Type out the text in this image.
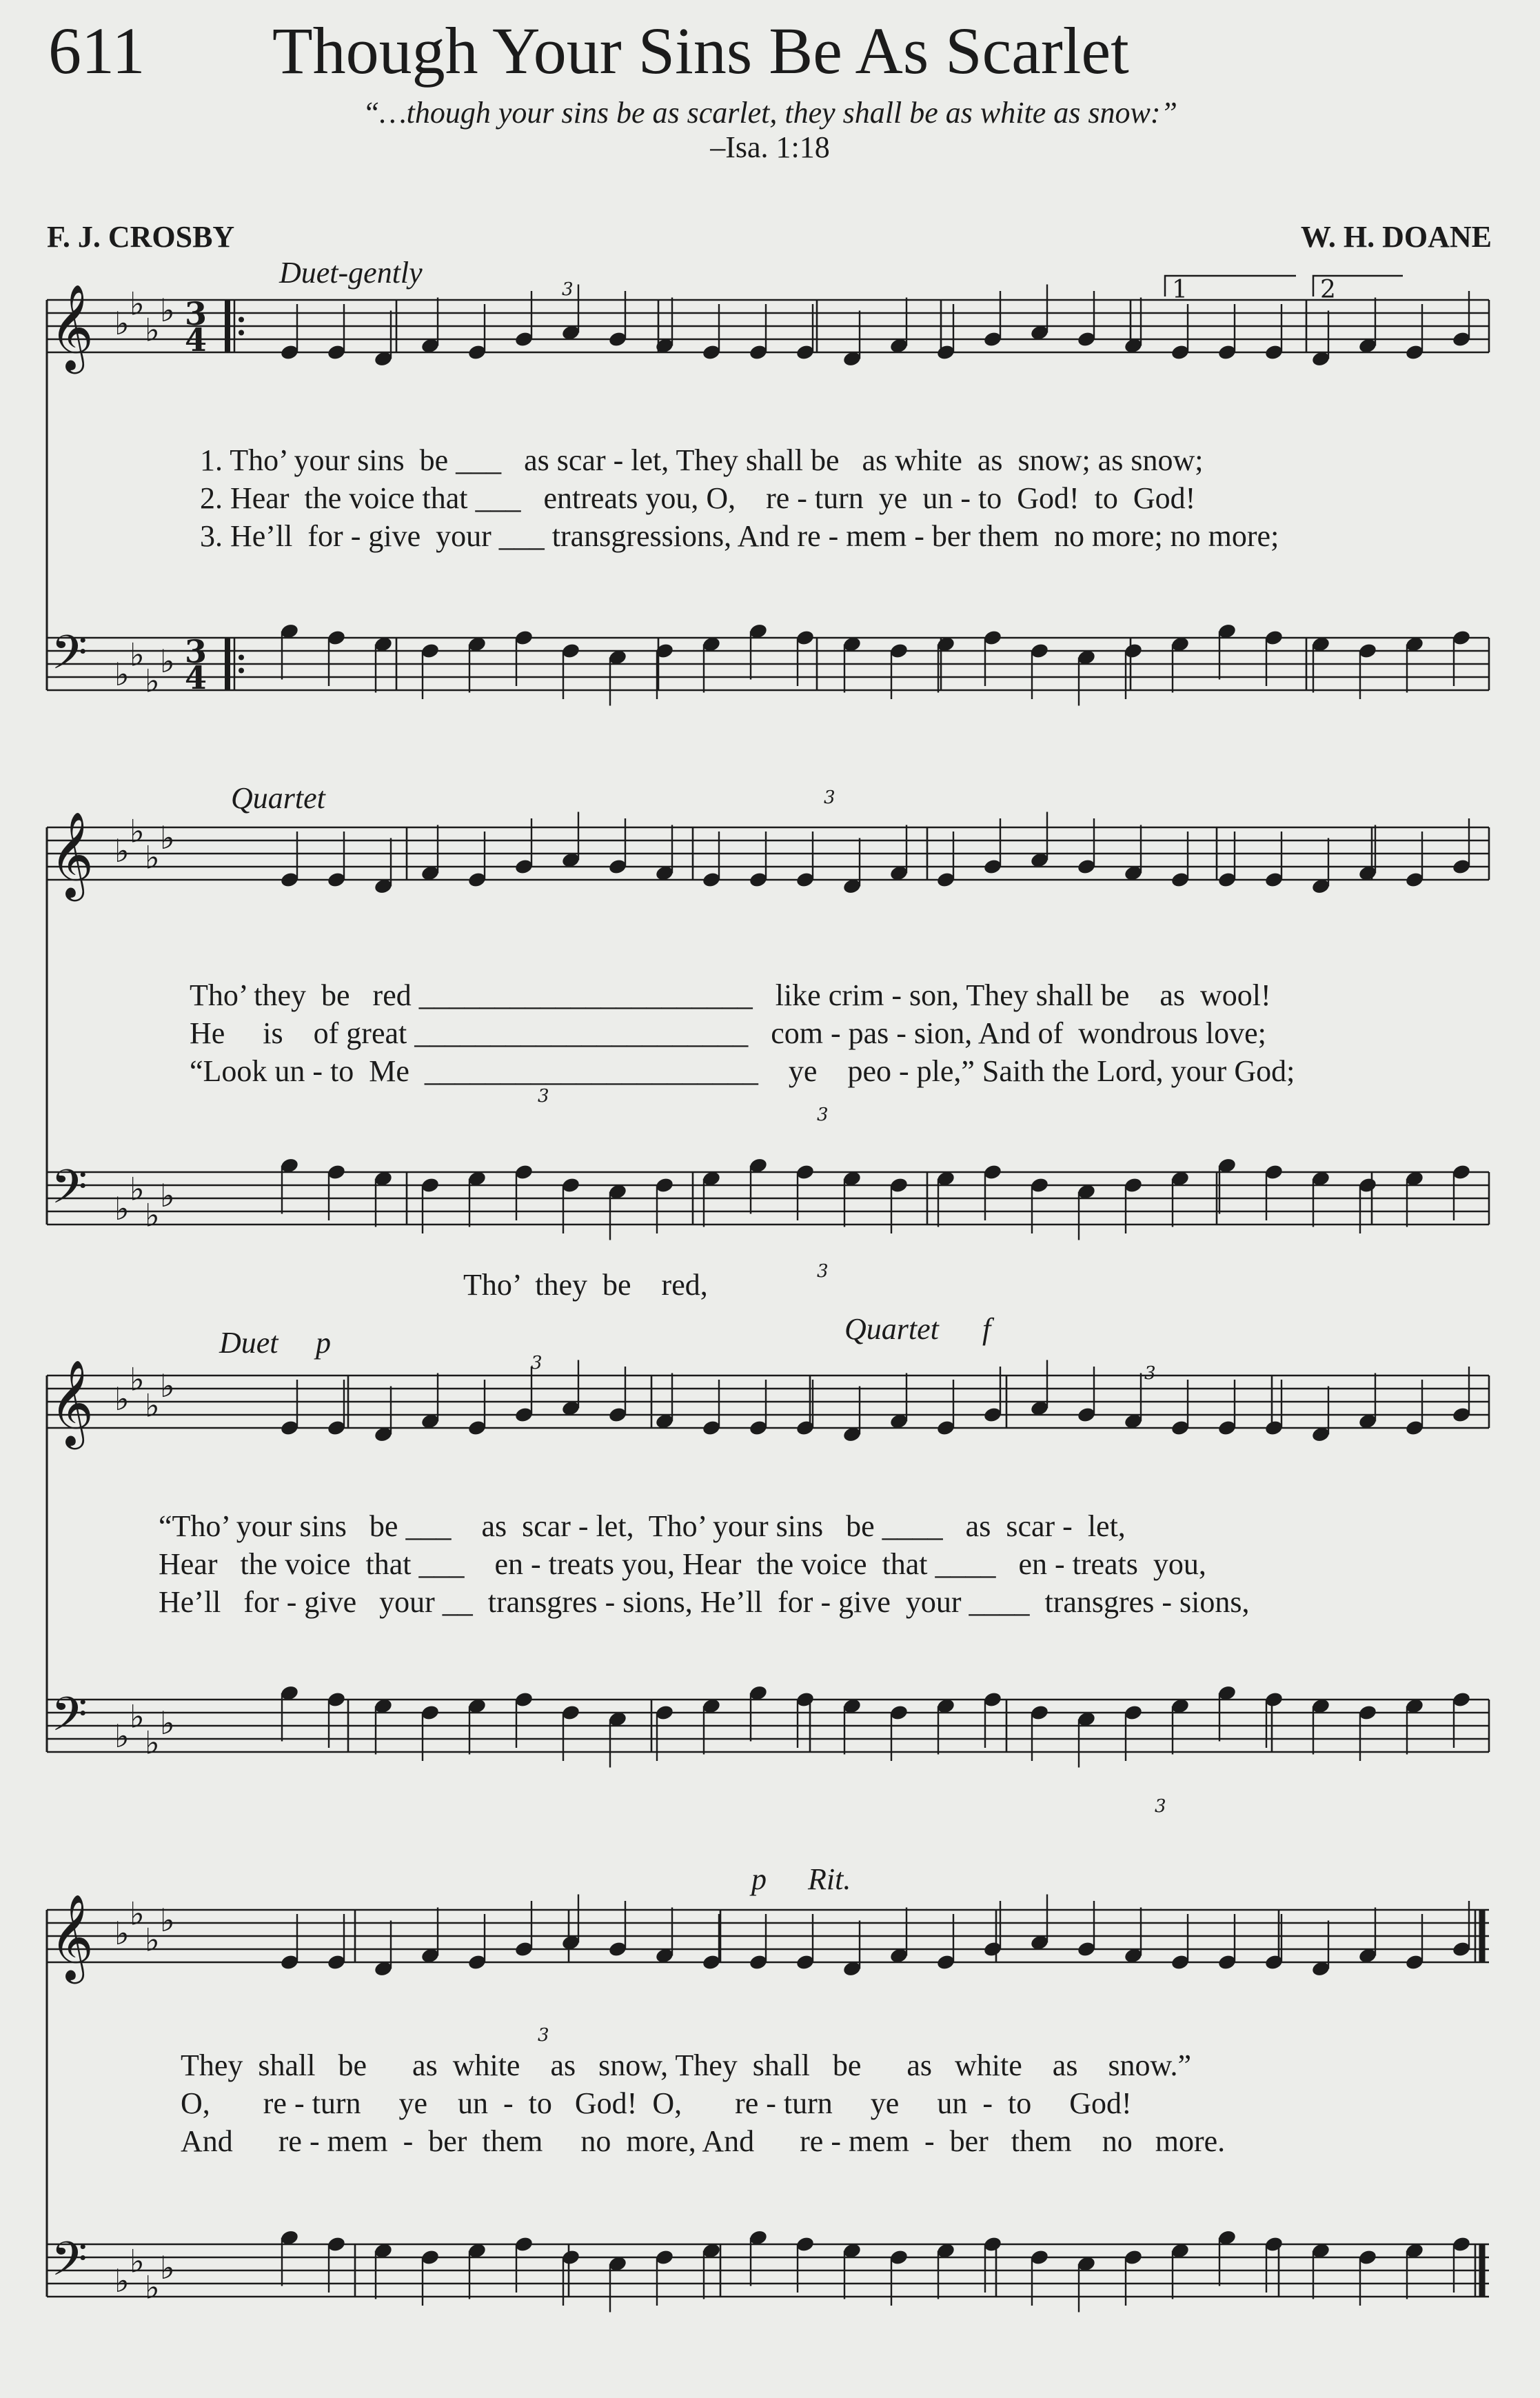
611 Though Your Sins Be As Scarlet
“…though your sins be as scarlet, they shall be as white as snow:”
–Isa. 1:18
F. J. CROSBY	W. H. DOANE
𝄞 ♭
♭
♭
♭ 3
4
𝄢 ♭
♭
♭
♭ 3
4
𝄞 ♭
♭
♭
♭
𝄢 ♭
♭
♭
♭
𝄞 ♭
♭
♭
♭
𝄢 ♭
♭
♭
♭
𝄞 ♭
♭
♭
♭
𝄢 ♭
♭
♭
♭
1	2
3
3
3
3
3
3
3
3
3
Duet-gently
1. Tho’ your sins  be ___   as scar - let, They shall be   as white  as  snow; as snow;
2. Hear  the voice that ___   entreats you, O,    re - turn  ye  un - to  God!  to  God!
3. He’ll  for - give  your ___ transgressions, And re - mem - ber them  no more; no more;
Quartet
Tho’ they  be   red ______________________   like crim - son, They shall be    as  wool!
He     is    of great ______________________   com - pas - sion, And of  wondrous love;
“Look un - to  Me  ______________________    ye    peo - ple,” Saith the Lord, your God;
Tho’  they  be    red,
Duet p	Quartet f
“Tho’ your sins   be ___    as  scar - let,  Tho’ your sins   be ____   as  scar -  let,
Hear   the voice  that ___    en - treats you, Hear  the voice  that ____   en - treats  you,
He’ll   for - give   your __  transgres - sions, He’ll  for - give  your ____  transgres - sions,
p Rit.
They  shall   be      as  white    as   snow, They  shall   be      as   white    as    snow.”
O,       re - turn     ye    un  -  to   God!  O,       re - turn     ye     un  -  to     God!
And      re - mem  -  ber  them     no  more, And      re - mem  -  ber   them    no   more.
